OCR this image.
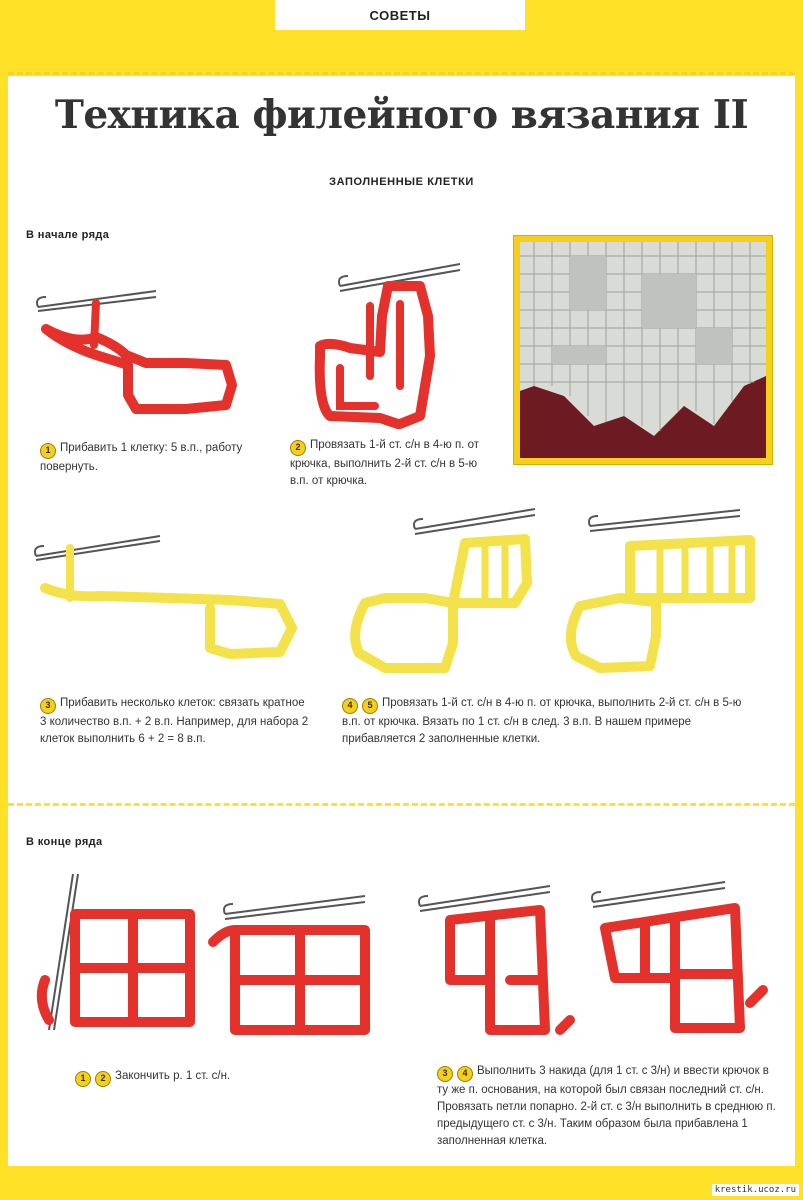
СОВЕТЫ
Техника филейного вязания II
ЗАПОЛНЕННЫЕ КЛЕТКИ
В начале ряда
1 Прибавить 1 клетку: 5 в.п., работу повернуть.
2 Провязать 1-й ст. с/н в 4-ю п. от крючка, выполнить 2-й ст. с/н в 5-ю в.п. от крючка.
3 Прибавить несколько клеток: связать кратное 3 количество в.п. + 2 в.п. Например, для набора 2 клеток выполнить 6 + 2 = 8 в.п.
4 5 Провязать 1-й ст. с/н в 4-ю п. от крючка, выполнить 2-й ст. с/н в 5-ю в.п. от крючка. Вязать по 1 ст. с/н в след. 3 в.п. В нашем примере прибавляется 2 заполненные клетки.
В конце ряда
1 2 Закончить р. 1 ст. с/н.	3 4 Выполнить 3 накида (для 1 ст. с 3/н) и ввести крючок в ту же п. основания, на которой был связан последний ст. с/н. Провязать петли попарно. 2-й ст. с 3/н выполнить в среднюю п. предыдущего ст. с 3/н. Таким образом была прибавлена 1 заполненная клетка.
krestik.ucoz.ru
